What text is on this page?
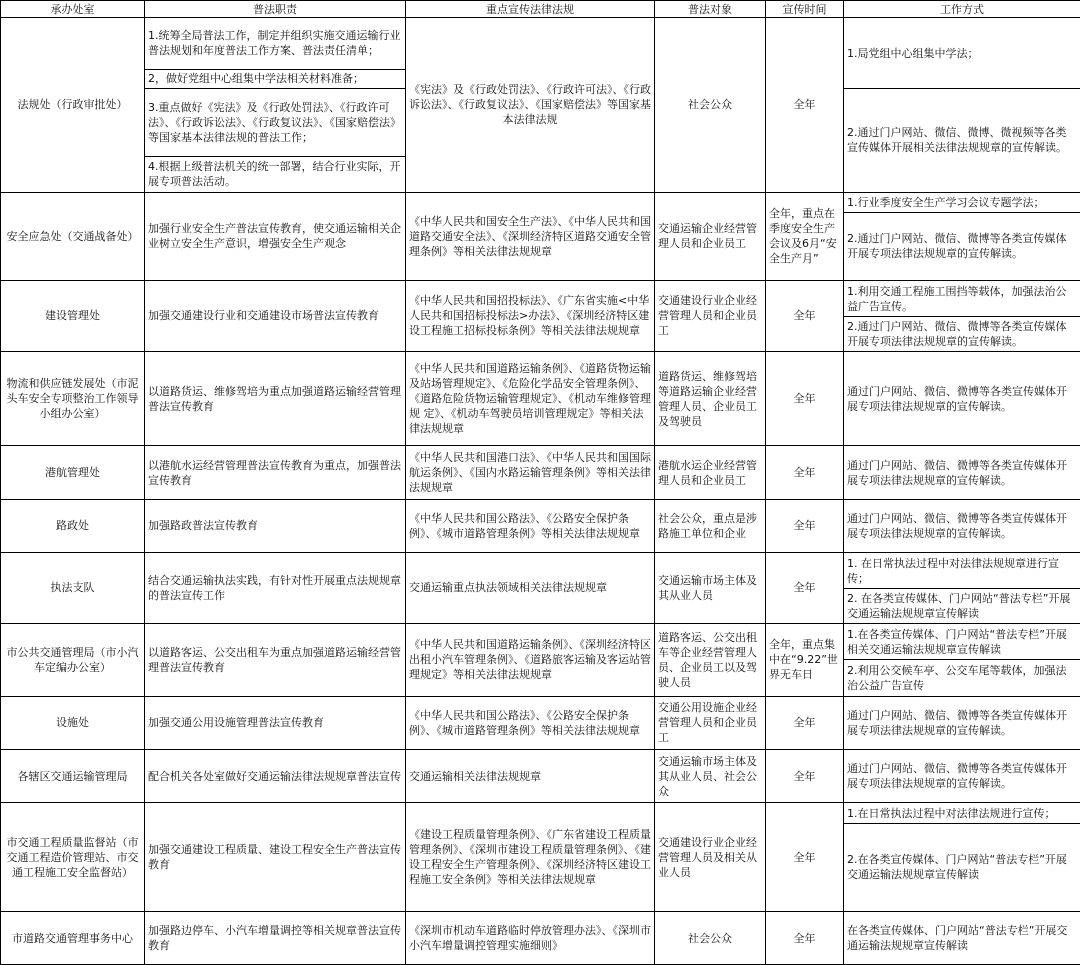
承办处室	普法职责	重点宣传法律法规	普法对象	宣传时间	工作方式
法规处（行政审批处）	1.统筹全局普法工作，制定并组织实施交通运输行业普法规划和年度普法工作方案、普法责任清单；	《宪法》及《行政处罚法》、《行政许可法》、《行政诉讼法》、《行政复议法》、《国家赔偿法》等国家基本法律法规	社会公众	全年	1.局党组中心组集中学法；
	2，做好党组中心组集中学法相关材料准备；				
	3.重点做好《宪法》及《行政处罚法》、《行政许可法》、《行政诉讼法》、《行政复议法》、《国家赔偿法》等国家基本法律法规的普法工作；				2.通过门户网站、微信、微博、微视频等各类宣传媒体开展相关法律法规规章的宣传解读。
	4.根据上级普法机关的统一部署，结合行业实际，开展专项普法活动。				
安全应急处（交通战备处）	加强行业安全生产普法宣传教育，使交通运输相关企业树立安全生产意识，增强安全生产观念	《中华人民共和国安全生产法》、《中华人民共和国道路交通安全法》、《深圳经济特区道路交通安全管理条例》等相关法律法规规章	交通运输企业经营管理人员和企业员工	全年，重点在季度安全生产会议及6月“安全生产月”	1.行业季度安全生产学习会议专题学法；
					2.通过门户网站、微信、微博等各类宣传媒体开展专项法律法规规章的宣传解读。
建设管理处	加强交通建设行业和交通建设市场普法宣传教育	《中华人民共和国招投标法》、《广东省实施<中华人民共和国招标投标法>办法》、《深圳经济特区建设工程施工招标投标条例》等相关法律法规规章	交通建设行业企业经营管理人员和企业员工	全年	1.利用交通工程施工围挡等载体，加强法治公益广告宣传。
					2.通过门户网站、微信、微博等各类宣传媒体开展专项法律法规规章的宣传解读。
物流和供应链发展处（市泥头车安全专项整治工作领导小组办公室）	以道路货运、维修驾培为重点加强道路运输经营管理普法宣传教育	《中华人民共和国道路运输条例》、《道路货物运输及站场管理规定》、《危险化学品安全管理条例》、《道路危险货物运输管理规定》、《机动车维修管理规 定》、《机动车驾驶员培训管理规定》等相关法律法规规章	道路货运、维修驾培等道路运输企业经营管理人员、企业员工及驾驶员	全年	通过门户网站、微信、微博等各类宣传媒体开展专项法律法规规章的宣传解读。
港航管理处	以港航水运经营管理普法宣传教育为重点，加强普法宣传教育	《中华人民共和国港口法》、《中华人民共和国国际航运条例》、《国内水路运输管理条例》等相关法律法规规章	港航水运企业经营管理人员和企业员工	全年	通过门户网站、微信、微博等各类宣传媒体开展专项法律法规规章的宣传解读。
路政处	加强路政普法宣传教育	《中华人民共和国公路法》、《公路安全保护条例》、《城市道路管理条例》等相关法律法规规章	社会公众，重点是涉路施工单位和企业	全年	通过门户网站、微信、微博等各类宣传媒体开展专项法律法规规章的宣传解读。
执法支队	结合交通运输执法实践，有针对性开展重点法规规章的普法宣传工作	交通运输重点执法领域相关法律法规规章	交通运输市场主体及其从业人员	全年	1. 在日常执法过程中对法律法规规章进行宣传；
					2. 在各类宣传媒体、门户网站“普法专栏”开展交通运输法规规章宣传解读
市公共交通管理局（市小汽车定编办公室）	以道路客运、公交出租车为重点加强道路运输经营管理普法宣传教育	《中华人民共和国道路运输条例》、《深圳经济特区出租小汽车管理条例》、《道路旅客运输及客运站管理规定》等相关法律法规规章	道路客运、公交出租车等企业经营管理人员、企业员工以及驾驶人员	全年，重点集中在“9.22”世界无车日	1.在各类宣传媒体、门户网站“普法专栏”开展相关交通运输法规规章宣传解读
					2.利用公交候车亭、公交车尾等载体，加强法治公益广告宣传
设施处	加强交通公用设施管理普法宣传教育	《中华人民共和国公路法》、《公路安全保护条例》、《城市道路管理条例》等相关法律法规规章	交通公用设施企业经营管理人员和企业员工	全年	通过门户网站、微信、微博等各类宣传媒体开展专项法律法规规章的宣传解读。
各辖区交通运输管理局	配合机关各处室做好交通运输法律法规规章普法宣传	交通运输相关法律法规规章	交通运输市场主体及其从业人员、社会公众	全年	通过门户网站、微信、微博等各类宣传媒体开展专项法律法规规章的宣传解读。
市交通工程质量监督站（市交通工程造价管理站、市交通工程施工安全监督站）	加强交通建设工程质量、建设工程安全生产普法宣传教育	《建设工程质量管理条例》、《广东省建设工程质量管理条例》、《深圳市建设工程质量管理条例》、《建设工程安全生产管理条例》、《深圳经济特区建设工程施工安全条例》等相关法律法规规章	交通建设行业企业经营管理人员及相关从业人员	全年	1.在日常执法过程中对法律法规进行宣传；
					2.在各类宣传媒体、门户网站“普法专栏”开展交通运输法规规章宣传解读
市道路交通管理事务中心	加强路边停车、小汽车增量调控等相关规章普法宣传教育	《深圳市机动车道路临时停放管理办法》、《深圳市小汽车增量调控管理实施细则》	社会公众	全年	在各类宣传媒体、门户网站“普法专栏”开展交通运输法规规章宣传解读
